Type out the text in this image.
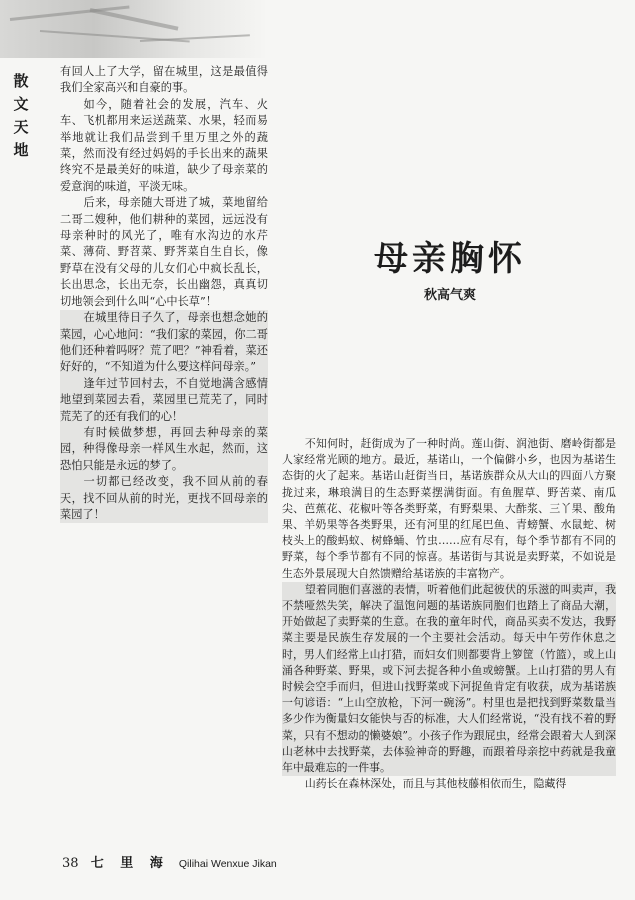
散
文
天
地

有回人上了大学，留在城里，这是最值得我们全家高兴和自豪的事。

如今，随着社会的发展，汽车、火车、飞机都用来运送蔬菜、水果，轻而易举地就让我们品尝到千里万里之外的蔬菜，然而没有经过妈妈的手长出来的蔬果终究不是最美好的味道，缺少了母亲菜的爱意润的味道，平淡无味。

后来，母亲随大哥进了城，菜地留给二哥二嫂种，他们耕种的菜园，远远没有母亲种时的风光了，唯有水沟边的水芹菜、薄荷、野苕菜、野荠菜自生自长，像野草在没有父母的儿女们心中疯长乱长，长出思念，长出无奈，长出幽怨，真真切切地领会到什么叫“心中长草”！

在城里待日子久了，母亲也想念她的菜园，心心地问：“我们家的菜园，你二哥他们还种着吗呀？荒了吧？”神看着，菜还好好的，“不知道为什么要这样问母亲。”

逢年过节回村去，不自觉地满含感情地望到菜园去看，菜园里已荒芜了，同时荒芜了的还有我们的心！

有时候做梦想，再回去种母亲的菜园，种得像母亲一样风生水起，然而，这恐怕只能是永远的梦了。

一切都已经改变，我不回从前的春天，找不回从前的时光，更找不回母亲的菜园了！

母亲胸怀
秋高气爽

不知何时，赶街成为了一种时尚。莲山街、润池街、磨岭街都是人家经常光顾的地方。最近，基诺山，一个偏僻小乡，也因为基诺生态街的火了起来。基诺山赶街当日，基诺族群众从大山的四面八方聚拢过来，琳琅满目的生态野菜摆满街面。有鱼腥草、野苦菜、南瓜尖、芭蕉花、花椒叶等各类野菜，有野梨果、大酢浆、三丫果、酸角果、羊奶果等各类野果，还有河里的红尾巴鱼、青螃蟹、水鼠蛇、树枝头上的酸蚂蚁、树蜂蛹、竹虫……应有尽有，每个季节都有不同的野菜，每个季节都有不同的惊喜。基诺街与其说是卖野菜，不如说是生态外景展现大自然馈赠给基诺族的丰富物产。

望着同胞们喜滋的表情，听着他们此起彼伏的乐滋的叫卖声，我不禁哑然失笑，解决了温饱问题的基诺族同胞们也踏上了商品大潮，开始做起了卖野菜的生意。在我的童年时代，商品买卖不发达，我野菜主要是民族生存发展的一个主要社会活动。每天中午劳作休息之时，男人们经常上山打猎，而妇女们则都要背上箩筐（竹篮），或上山涌各种野菜、野果，或下河去捉各种小鱼或螃蟹。上山打猎的男人有时候会空手而归，但进山找野菜或下河捉鱼肯定有收获，成为基诺族一句谚语：“上山空放枪，下河一碗汤”。村里也是把找到野菜数量当多少作为衡量妇女能快与否的标准，大人们经常说，“没有找不着的野菜，只有不想动的懒婆娘”。小孩子作为跟屁虫，经常会跟着大人到深山老林中去找野菜，去体验神奇的野趣，而跟着母亲挖中药就是我童年中最难忘的一件事。

山药长在森林深处，而且与其他枝藤相依而生，隐藏得

38 七 里 海 Qilihai Wenxue Jikan
